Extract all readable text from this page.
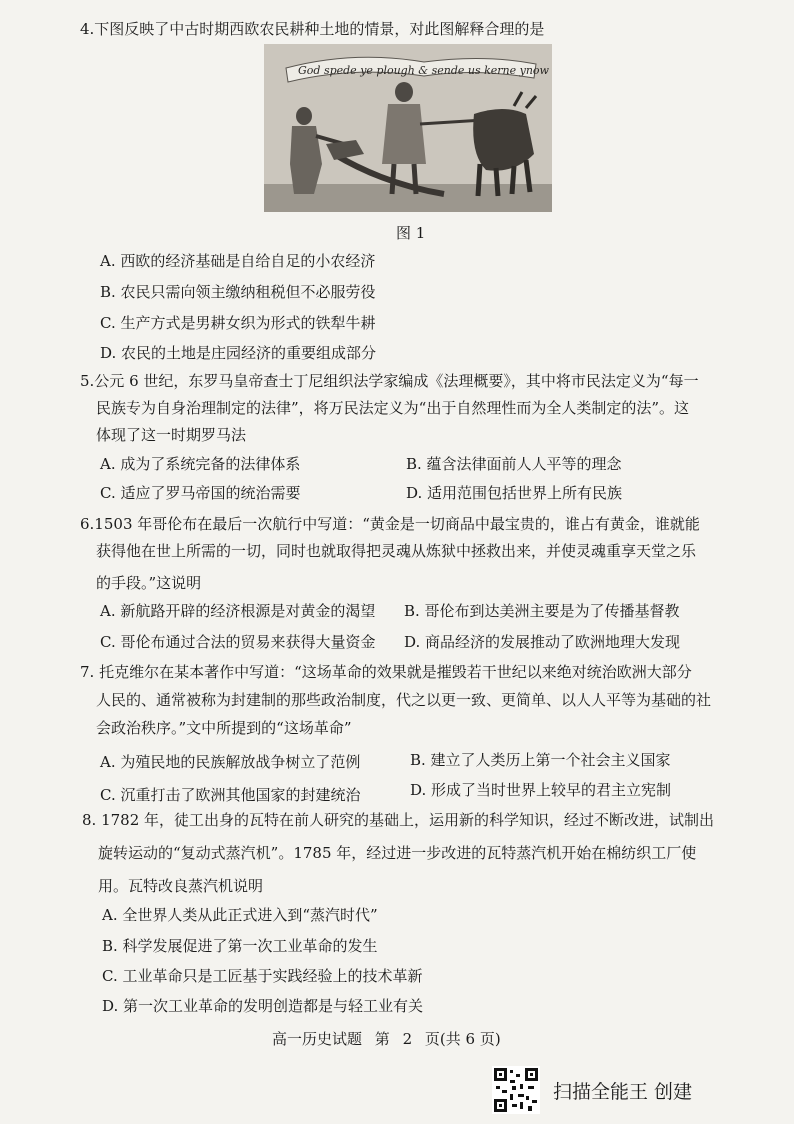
4.下图反映了中古时期西欧农民耕种土地的情景，对此图解释合理的是
God spede ye plough & sende us kerne ynow
图 1
A. 西欧的经济基础是自给自足的小农经济
B. 农民只需向领主缴纳租税但不必服劳役
C. 生产方式是男耕女织为形式的铁犁牛耕
D. 农民的土地是庄园经济的重要组成部分
5.公元 6 世纪，东罗马皇帝查士丁尼组织法学家编成《法理概要》，其中将市民法定义为“每一
民族专为自身治理制定的法律”，将万民法定义为“出于自然理性而为全人类制定的法”。这
体现了这一时期罗马法
A. 成为了系统完备的法律体系	B. 蕴含法律面前人人平等的理念
C. 适应了罗马帝国的统治需要	D. 适用范围包括世界上所有民族
6.1503 年哥伦布在最后一次航行中写道：“黄金是一切商品中最宝贵的，谁占有黄金，谁就能
获得他在世上所需的一切，同时也就取得把灵魂从炼狱中拯救出来，并使灵魂重享天堂之乐
的手段。”这说明
A. 新航路开辟的经济根源是对黄金的渴望 B. 哥伦布到达美洲主要是为了传播基督教
C. 哥伦布通过合法的贸易来获得大量资金 D. 商品经济的发展推动了欧洲地理大发现
7. 托克维尔在某本著作中写道：“这场革命的效果就是摧毁若干世纪以来绝对统治欧洲大部分
人民的、通常被称为封建制的那些政治制度，代之以更一致、更简单、以人人平等为基础的社
会政治秩序。”文中所提到的“这场革命”
A. 为殖民地的民族解放战争树立了范例	B. 建立了人类历上第一个社会主义国家
C. 沉重打击了欧洲其他国家的封建统治	D. 形成了当时世界上较早的君主立宪制
8. 1782 年，徒工出身的瓦特在前人研究的基础上，运用新的科学知识，经过不断改进，试制出
旋转运动的“复动式蒸汽机”。1785 年，经过进一步改进的瓦特蒸汽机开始在棉纺织工厂使
用。瓦特改良蒸汽机说明
A. 全世界人类从此正式进入到“蒸汽时代”
B. 科学发展促进了第一次工业革命的发生
C. 工业革命只是工匠基于实践经验上的技术革新
D. 第一次工业革命的发明创造都是与轻工业有关
高一历史试题 第 2 页(共 6 页)
扫描全能王 创建
